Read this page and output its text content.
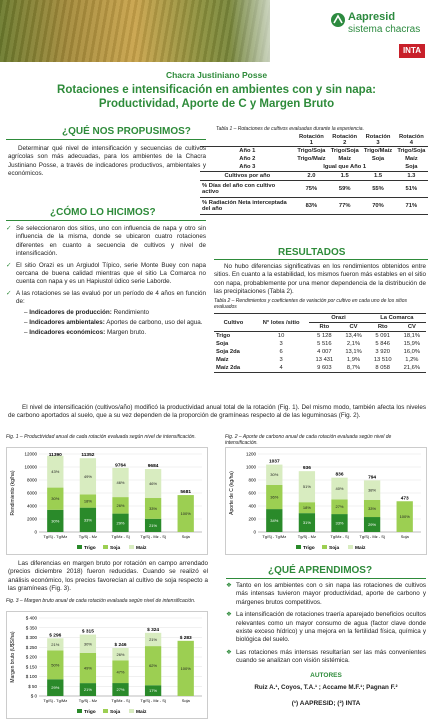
Aapresid
sistema chacras
INTA
Chacra Justiniano Posse
Rotaciones e intensificación en ambientes con y sin napa:
Productividad, Aporte de C y Margen Bruto
¿QUÉ NOS PROPUSIMOS?
Determinar qué nivel de intensificación y secuencias de cultivos agrícolas son más adecuadas, para los ambientes de la Chacra Justiniano Posse, a través de indicadores productivos, ambientales y económicos.
¿CÓMO LO HICIMOS?
✓ Se seleccionaron dos sitios, uno con influencia de napa y otro sin influencia de la misma, donde se ubicaron cuatro rotaciones diferentes en cuanto a secuencia de cultivos y nivel de intensificación.
✓ El sitio Orazi es un Argiudol Típico, serie Monte Buey con napa cercana de buena calidad mientras que el sitio La Comarca no cuenta con napa y es un Hapiustol údico serie Laborde.
✓ A las rotaciones se las evaluó por un período de 4 años en función de:
– Indicadores de producción: Rendimiento
– Indicadores ambientales: Aportes de carbono, uso del agua.
– Indicadores económicos: Margen bruto.
Tabla 1 – Rotaciones de cultivos evaluadas durante la experiencia.
	Rotación 1	Rotación 2	Rotación 3	Rotación 4
Año 1	Trigo/Soja	Trigo/Soja	Trigo/Maíz	Trigo/Soja
Año 2	Trigo/Maíz	Maíz	Soja	Maíz
Año 3	Igual que Año 1			Soja
Cultivos por año	2.0	1.5	1.5	1.3
% Días del año con cultivo activo	75%	59%	55%	51%
% Radiación Neta interceptada del año	83%	77%	70%	71%
RESULTADOS
No hubo diferencias significativas en los rendimientos obtenidos entre sitios. En cuanto a la estabilidad, los mismos fueron más estables en el sitio con napa, probablemente por una menor dependencia de la distribución de las precipitaciones (Tabla 2).
Tabla 2 – Rendimientos y coeficientes de variación por cultivo en cada uno de los sitios evaluados
Cultivo	N° lotes /sitio	Orazi		La Comarca	
		Rto	CV	Rto	CV
Trigo	10	5 128	13,4%	5 091	18,1%
Soja	3	5 516	2,1%	5 846	15,9%
Soja 2da	6	4 007	13,1%	3 920	16,0%
Maíz	3	13 431	1,9%	13 510	1,2%
Maíz 2da	4	9 603	8,7%	8 058	21,6%
El nivel de intensificación (cultivos/año) modificó la productividad anual total de la rotación (Fig. 1). Del mismo modo, también afecta los niveles de carbono aportados al suelo, que a su vez dependen de la proporción de gramíneas respecto al de las leguminosas (Fig. 2).
Fig. 1 – Productividad anual de cada rotación evaluada según nivel de intensificación.
Rendimiento (kg/ha)
0
2000
4000
6000
8000
10000
12000
30%
30%
43%
11390
Tg/Sj - Tg/Mz
33%
18%
49%
11352
Tg/Sj - Mz
29%
26%
46%
9764
Tg/Mz - Sj
21%
33%
46%
9684
Tg/Sj - Mz - Sj
100%
5681
Soja
Trigo	Soja	Maíz
Fig. 2 – Aporte de carbono anual de cada rotación evaluada según nivel de intensificación.
Aporte de C (kg/ha)
0
200
400
600
800
1000
1200
34%
36%
30%
1037
Tg/Sj - Tg/Mz
31%
18%
51%
936
Tg/Sj - Mz
33%
27%
40%
836
Tg/Mz - Sj
29%
33%
38%
794
Tg/Sj - Mz - Sj
100%
473
Soja
Trigo	Soja	Maíz
Las diferencias en margen bruto por rotación en campo arrendado (precios diciembre 2018) fueron reducidas. Cuando se realizó el análisis económico, los precios favorecían al cultivo de soja respecto a las gramíneas (Fig. 3).
Fig. 3 – Margen bruto anual de cada rotación evaluada según nivel de intensificación.
Margen bruto (U$S/ha)
$ 0
$ 50
$ 100
$ 150
$ 200
$ 250
$ 300
$ 350
$ 400
29%
50%
21%
$ 296
Tg/Sj - Tg/Mz
21%
49%
30%
$ 315
Tg/Sj - Mz
27%
47%
26%
$ 246
Tg/Mz - Sj
17%
62%
21%
$ 324
Tg/Sj - Mz - Sj
100%
$ 283
Soja
Trigo	Soja	Maíz
¿QUÉ APRENDIMOS?
❖ Tanto en los ambientes con o sin napa las rotaciones de cultivos más intensas tuvieron mayor productividad, aporte de carbono y márgenes brutos competitivos.
❖ La intensificación de rotaciones traería aparejado beneficios ocultos relevantes como un mayor consumo de agua (factor clave donde existe exceso hídrico) y una mejora en la fertilidad física, química y biológica del suelo.
❖ Las rotaciones más intensas resultarían ser las más convenientes cuando se analizan con visión sistémica.
AUTORES
Ruiz A.¹, Coyos, T.A.¹ ; Accame M.F.¹; Pagnan F.²
(¹) AAPRESID; (²) INTA
